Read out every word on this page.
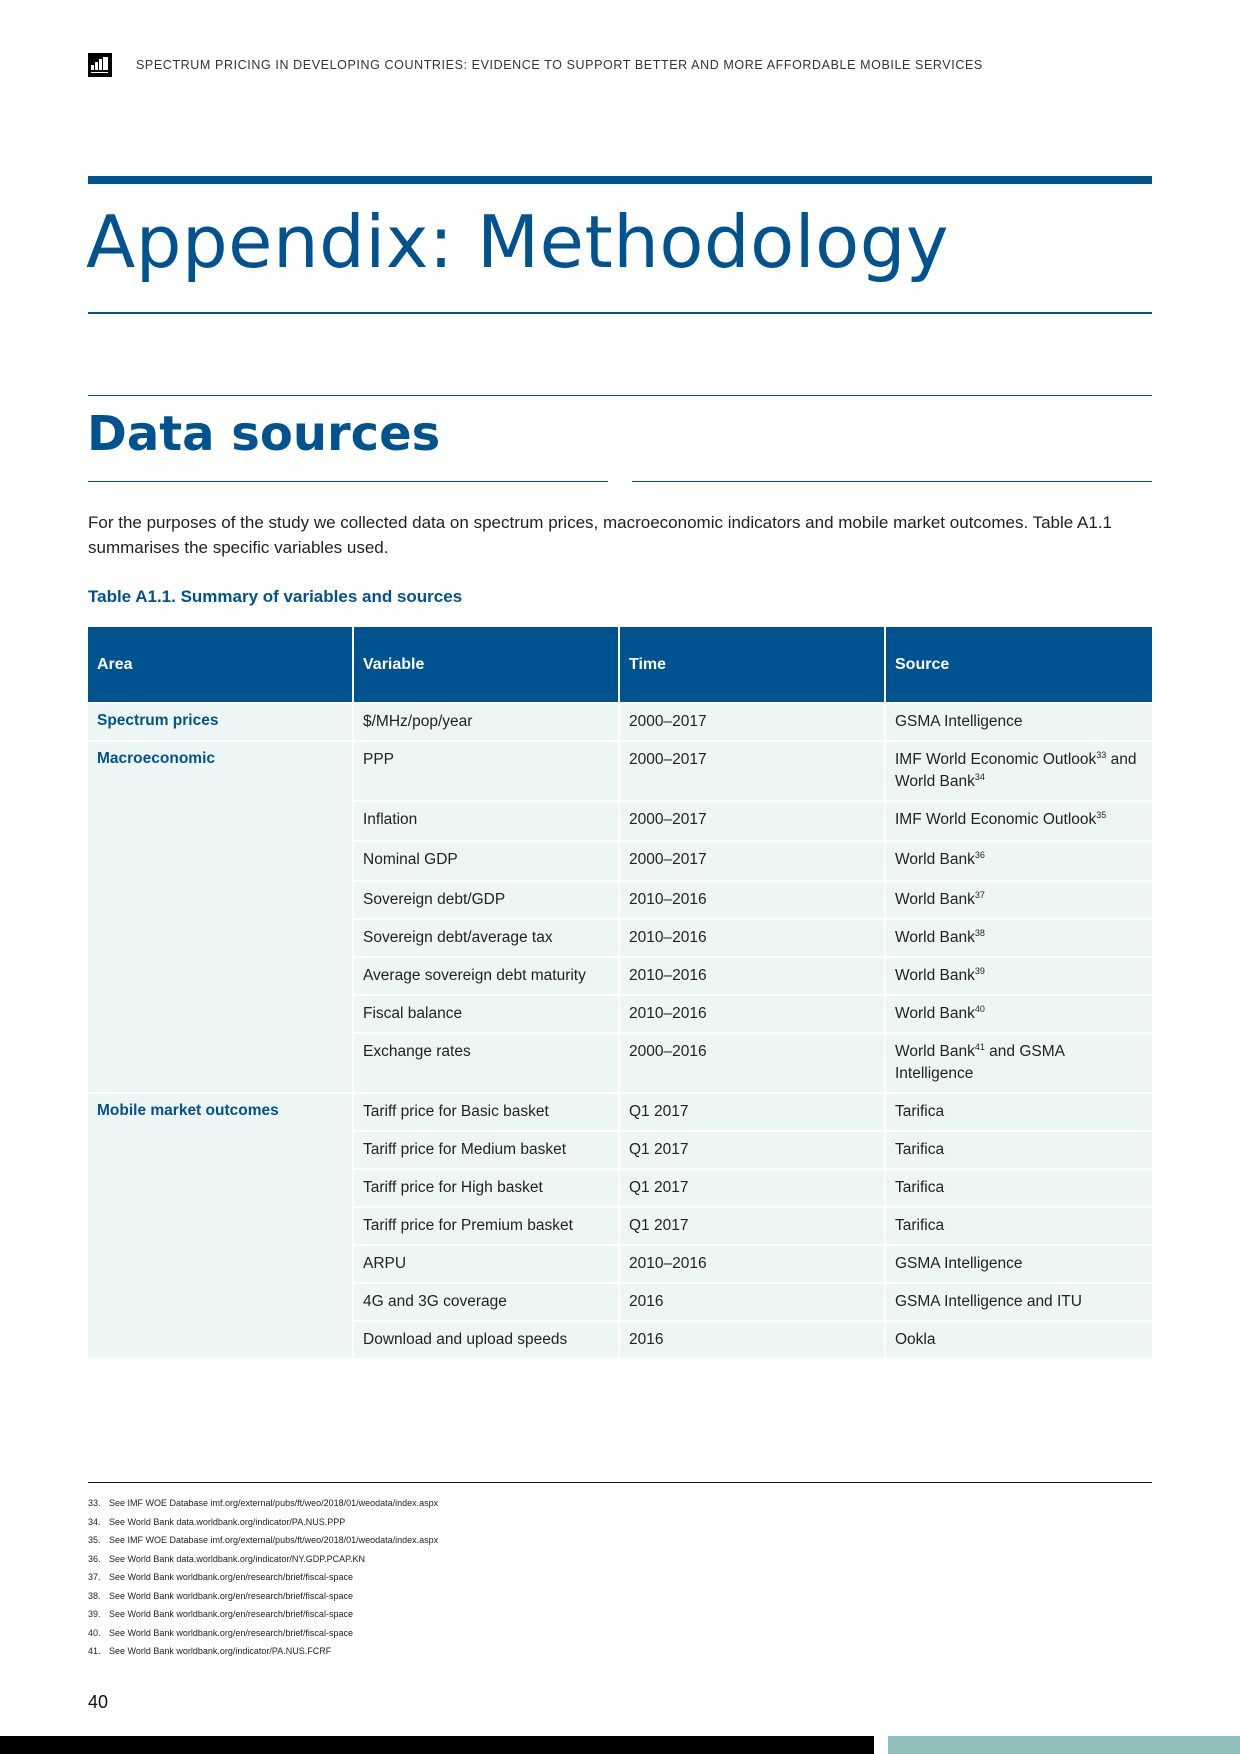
SPECTRUM PRICING IN DEVELOPING COUNTRIES: EVIDENCE TO SUPPORT BETTER AND MORE AFFORDABLE MOBILE SERVICES
Appendix: Methodology
Data sources

For the purposes of the study we collected data on spectrum prices, macroeconomic indicators and mobile market outcomes. Table A1.1 summarises the specific variables used.

Table A1.1. Summary of variables and sources
Area	Variable	Time	Source
Spectrum prices	$/MHz/pop/year	2000–2017	GSMA Intelligence
Macroeconomic	PPP	2000–2017	IMF World Economic Outlook$^{33}$ and World Bank$^{34}$
Inflation	2000–2017	IMF World Economic Outlook$^{35}$
Nominal GDP	2000–2017	World Bank$^{36}$
Sovereign debt/GDP	2010–2016	World Bank$^{37}$
Sovereign debt/average tax	2010–2016	World Bank$^{38}$
Average sovereign debt maturity	2010–2016	World Bank$^{39}$
Fiscal balance	2010–2016	World Bank$^{40}$
Exchange rates	2000–2016	World Bank$^{41}$ and GSMA Intelligence
Mobile market outcomes	Tariff price for Basic basket	Q1 2017	Tarifica
Tariff price for Medium basket	Q1 2017	Tarifica
Tariff price for High basket	Q1 2017	Tarifica
Tariff price for Premium basket	Q1 2017	Tarifica
ARPU	2010–2016	GSMA Intelligence
4G and 3G coverage	2016	GSMA Intelligence and ITU
Download and upload speeds	2016	Ookla
33. See IMF WOE Database imf.org/external/pubs/ft/weo/2018/01/weodata/index.aspx
34. See World Bank data.worldbank.org/indicator/PA.NUS.PPP
35. See IMF WOE Database imf.org/external/pubs/ft/weo/2018/01/weodata/index.aspx
36. See World Bank data.worldbank.org/indicator/NY.GDP.PCAP.KN
37. See World Bank worldbank.org/en/research/brief/fiscal-space
38. See World Bank worldbank.org/en/research/brief/fiscal-space
39. See World Bank worldbank.org/en/research/brief/fiscal-space
40. See World Bank worldbank.org/en/research/brief/fiscal-space
41. See World Bank worldbank.org/indicator/PA.NUS.FCRF
40
